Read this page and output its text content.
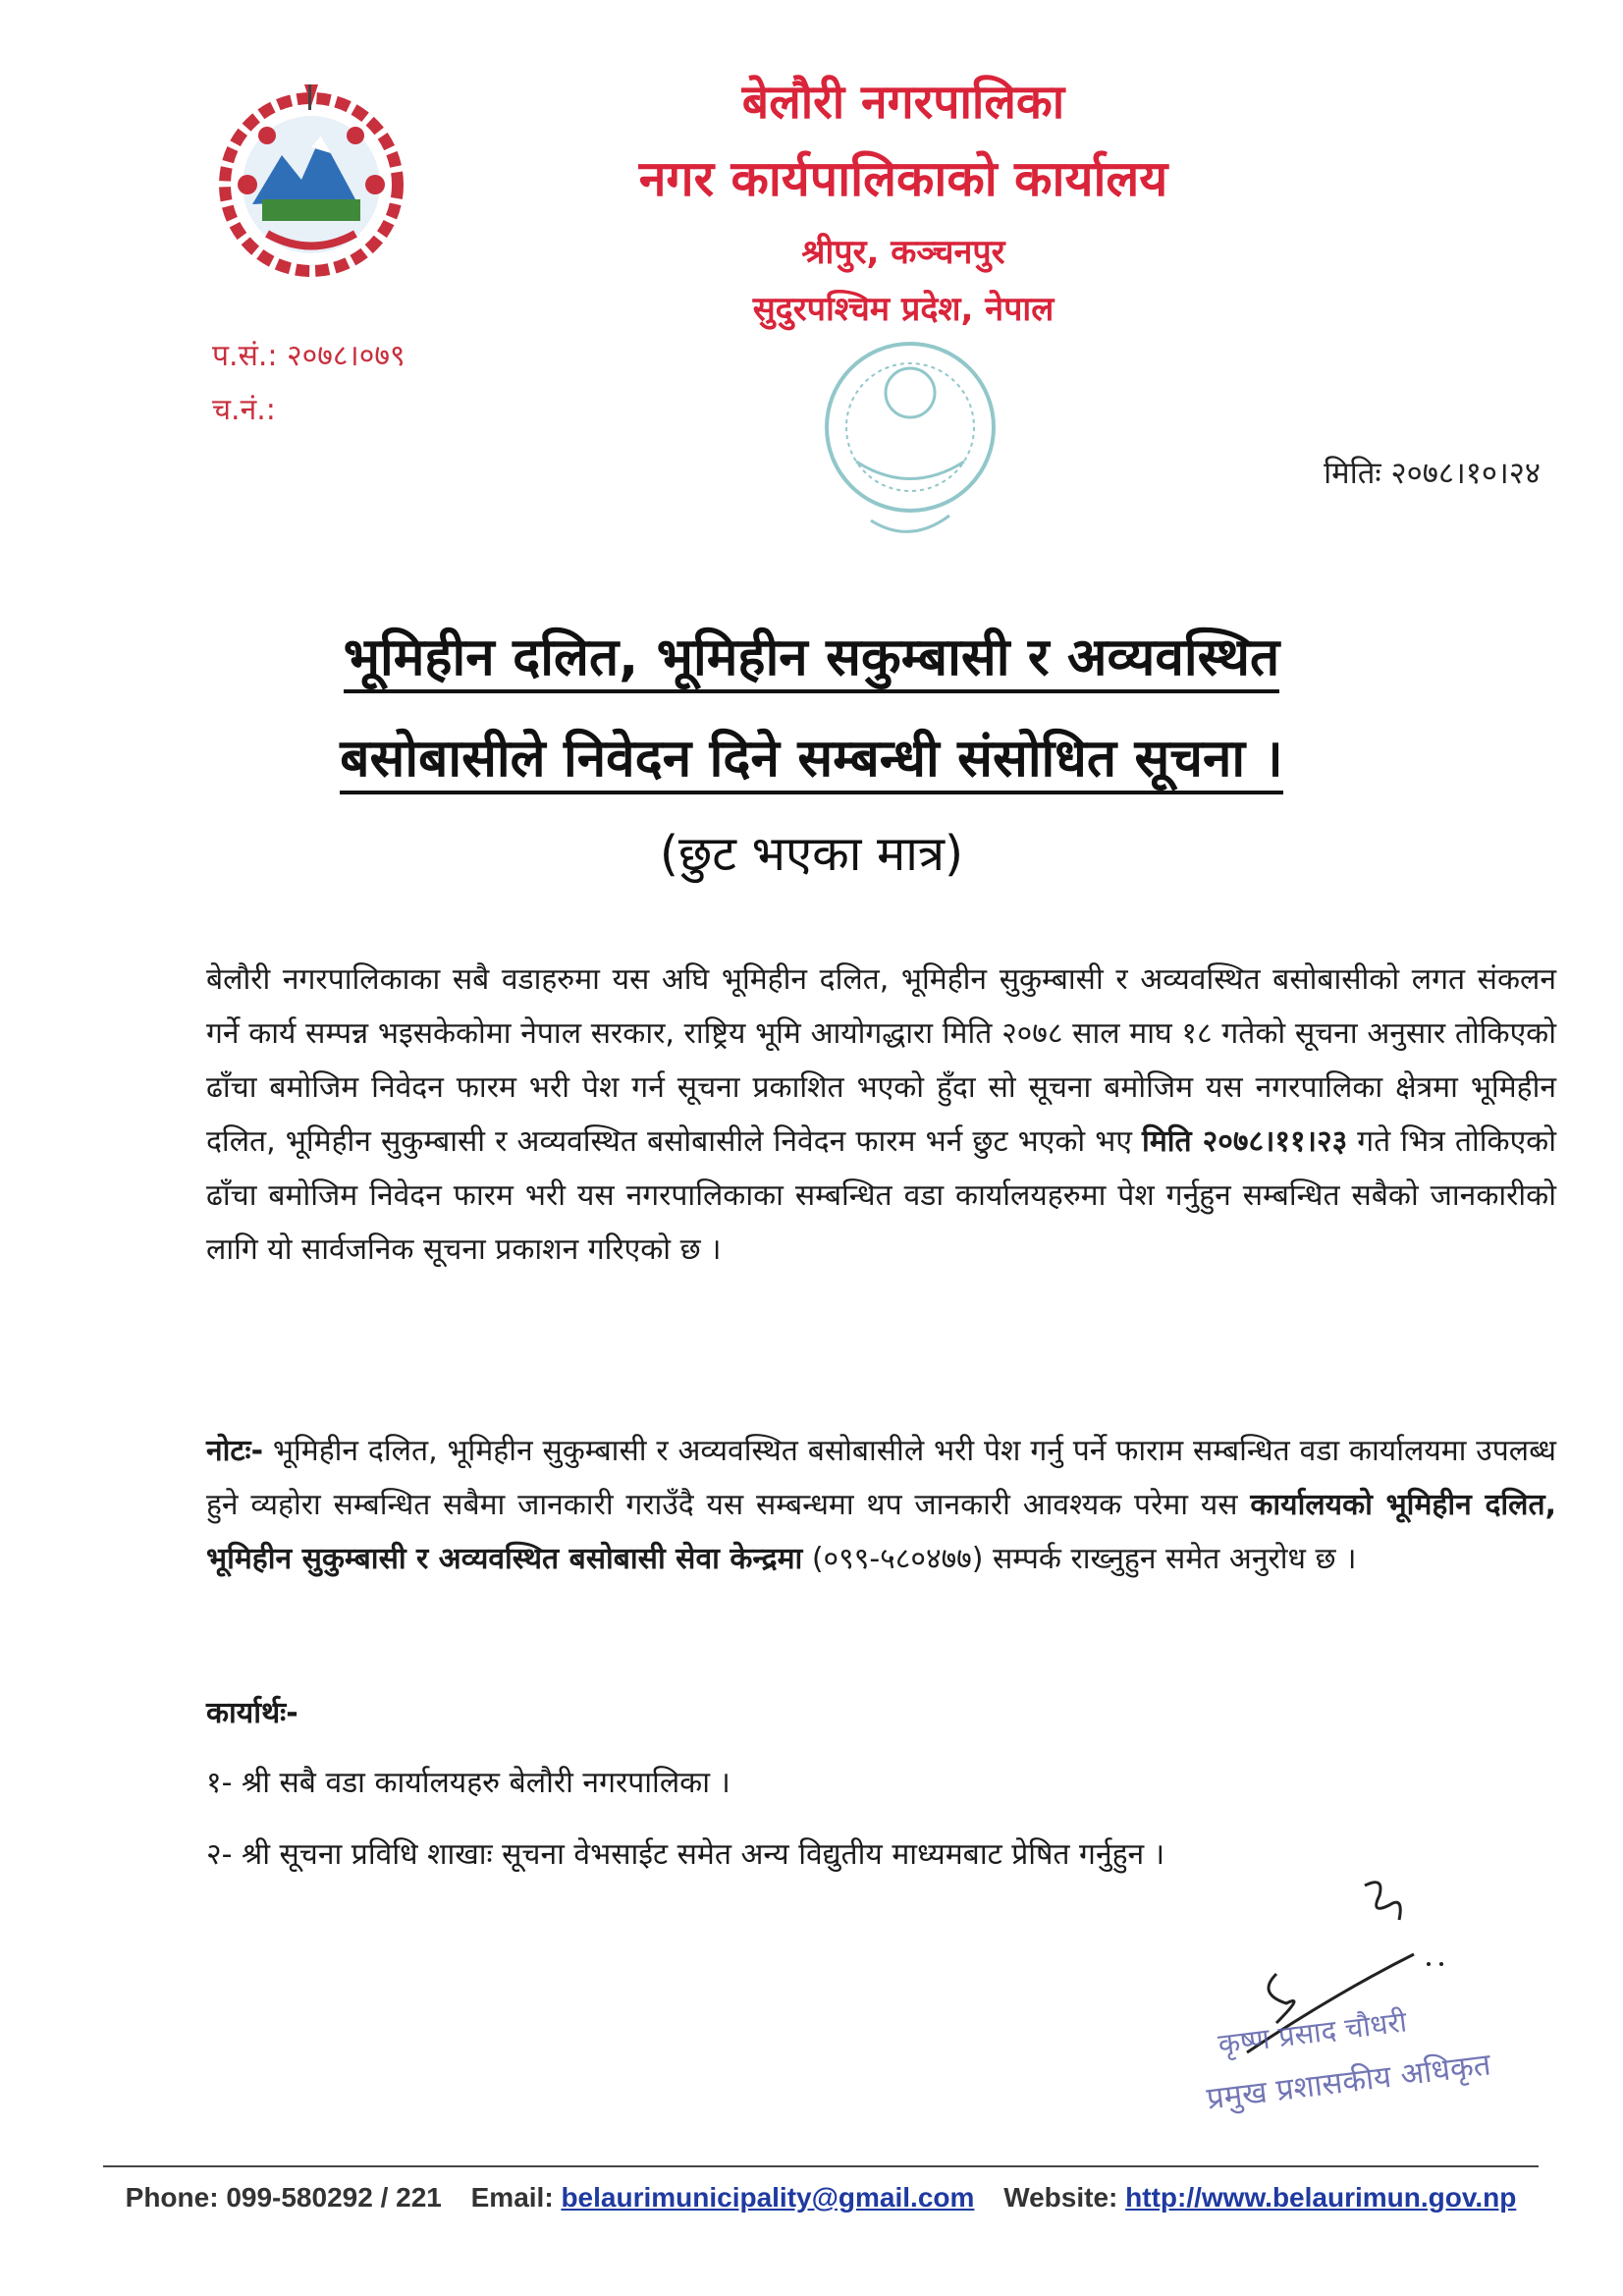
बेलौरी नगरपालिका
नगर कार्यपालिकाको कार्यालय
श्रीपुर, कञ्चनपुर
सुदुरपश्चिम प्रदेश, नेपाल
प.सं.: २०७८।०७९
च.नं.:
मितिः २०७८।१०।२४
भूमिहीन दलित, भूमिहीन सकुम्बासी र अव्यवस्थित
बसोबासीले निवेदन दिने सम्बन्धी संसोधित सूचना ।
(छुट भएका मात्र)
बेलौरी नगरपालिकाका सबै वडाहरुमा यस अघि भूमिहीन दलित, भूमिहीन सुकुम्बासी र अव्यवस्थित बसोबासीको लगत संकलन गर्ने कार्य सम्पन्न भइसकेकोमा नेपाल सरकार, राष्ट्रिय भूमि आयोगद्धारा मिति २०७८ साल माघ १८ गतेको सूचना अनुसार तोकिएको ढाँचा बमोजिम निवेदन फारम भरी पेश गर्न सूचना प्रकाशित भएको हुँदा सो सूचना बमोजिम यस नगरपालिका क्षेत्रमा भूमिहीन दलित, भूमिहीन सुकुम्बासी र अव्यवस्थित बसोबासीले निवेदन फारम भर्न छुट भएको भए मिति २०७८।११।२३ गते भित्र तोकिएको ढाँचा बमोजिम निवेदन फारम भरी यस नगरपालिकाका सम्बन्धित वडा कार्यालयहरुमा पेश गर्नुहुन सम्बन्धित सबैको जानकारीको लागि यो सार्वजनिक सूचना प्रकाशन गरिएको छ ।
नोटः- भूमिहीन दलित, भूमिहीन सुकुम्बासी र अव्यवस्थित बसोबासीले भरी पेश गर्नु पर्ने फाराम सम्बन्धित वडा कार्यालयमा उपलब्ध हुने व्यहोरा सम्बन्धित सबैमा जानकारी गराउँदै यस सम्बन्धमा थप जानकारी आवश्यक परेमा यस कार्यालयको भूमिहीन दलित, भूमिहीन सुकुम्बासी र अव्यवस्थित बसोबासी सेवा केन्द्रमा (०९९-५८०४७७) सम्पर्क राख्नुहुन समेत अनुरोध छ ।
कार्यार्थः-
१- श्री सबै वडा कार्यालयहरु बेलौरी नगरपालिका ।
२- श्री सूचना प्रविधि शाखाः सूचना वेभसाईट समेत अन्य विद्युतीय माध्यमबाट प्रेषित गर्नुहुन ।
कृष्ण प्रसाद चौधरी
प्रमुख प्रशासकीय अधिकृत
Phone: 099-580292 / 221 Email: belaurimunicipality@gmail.com Website: http://www.belaurimun.gov.np
